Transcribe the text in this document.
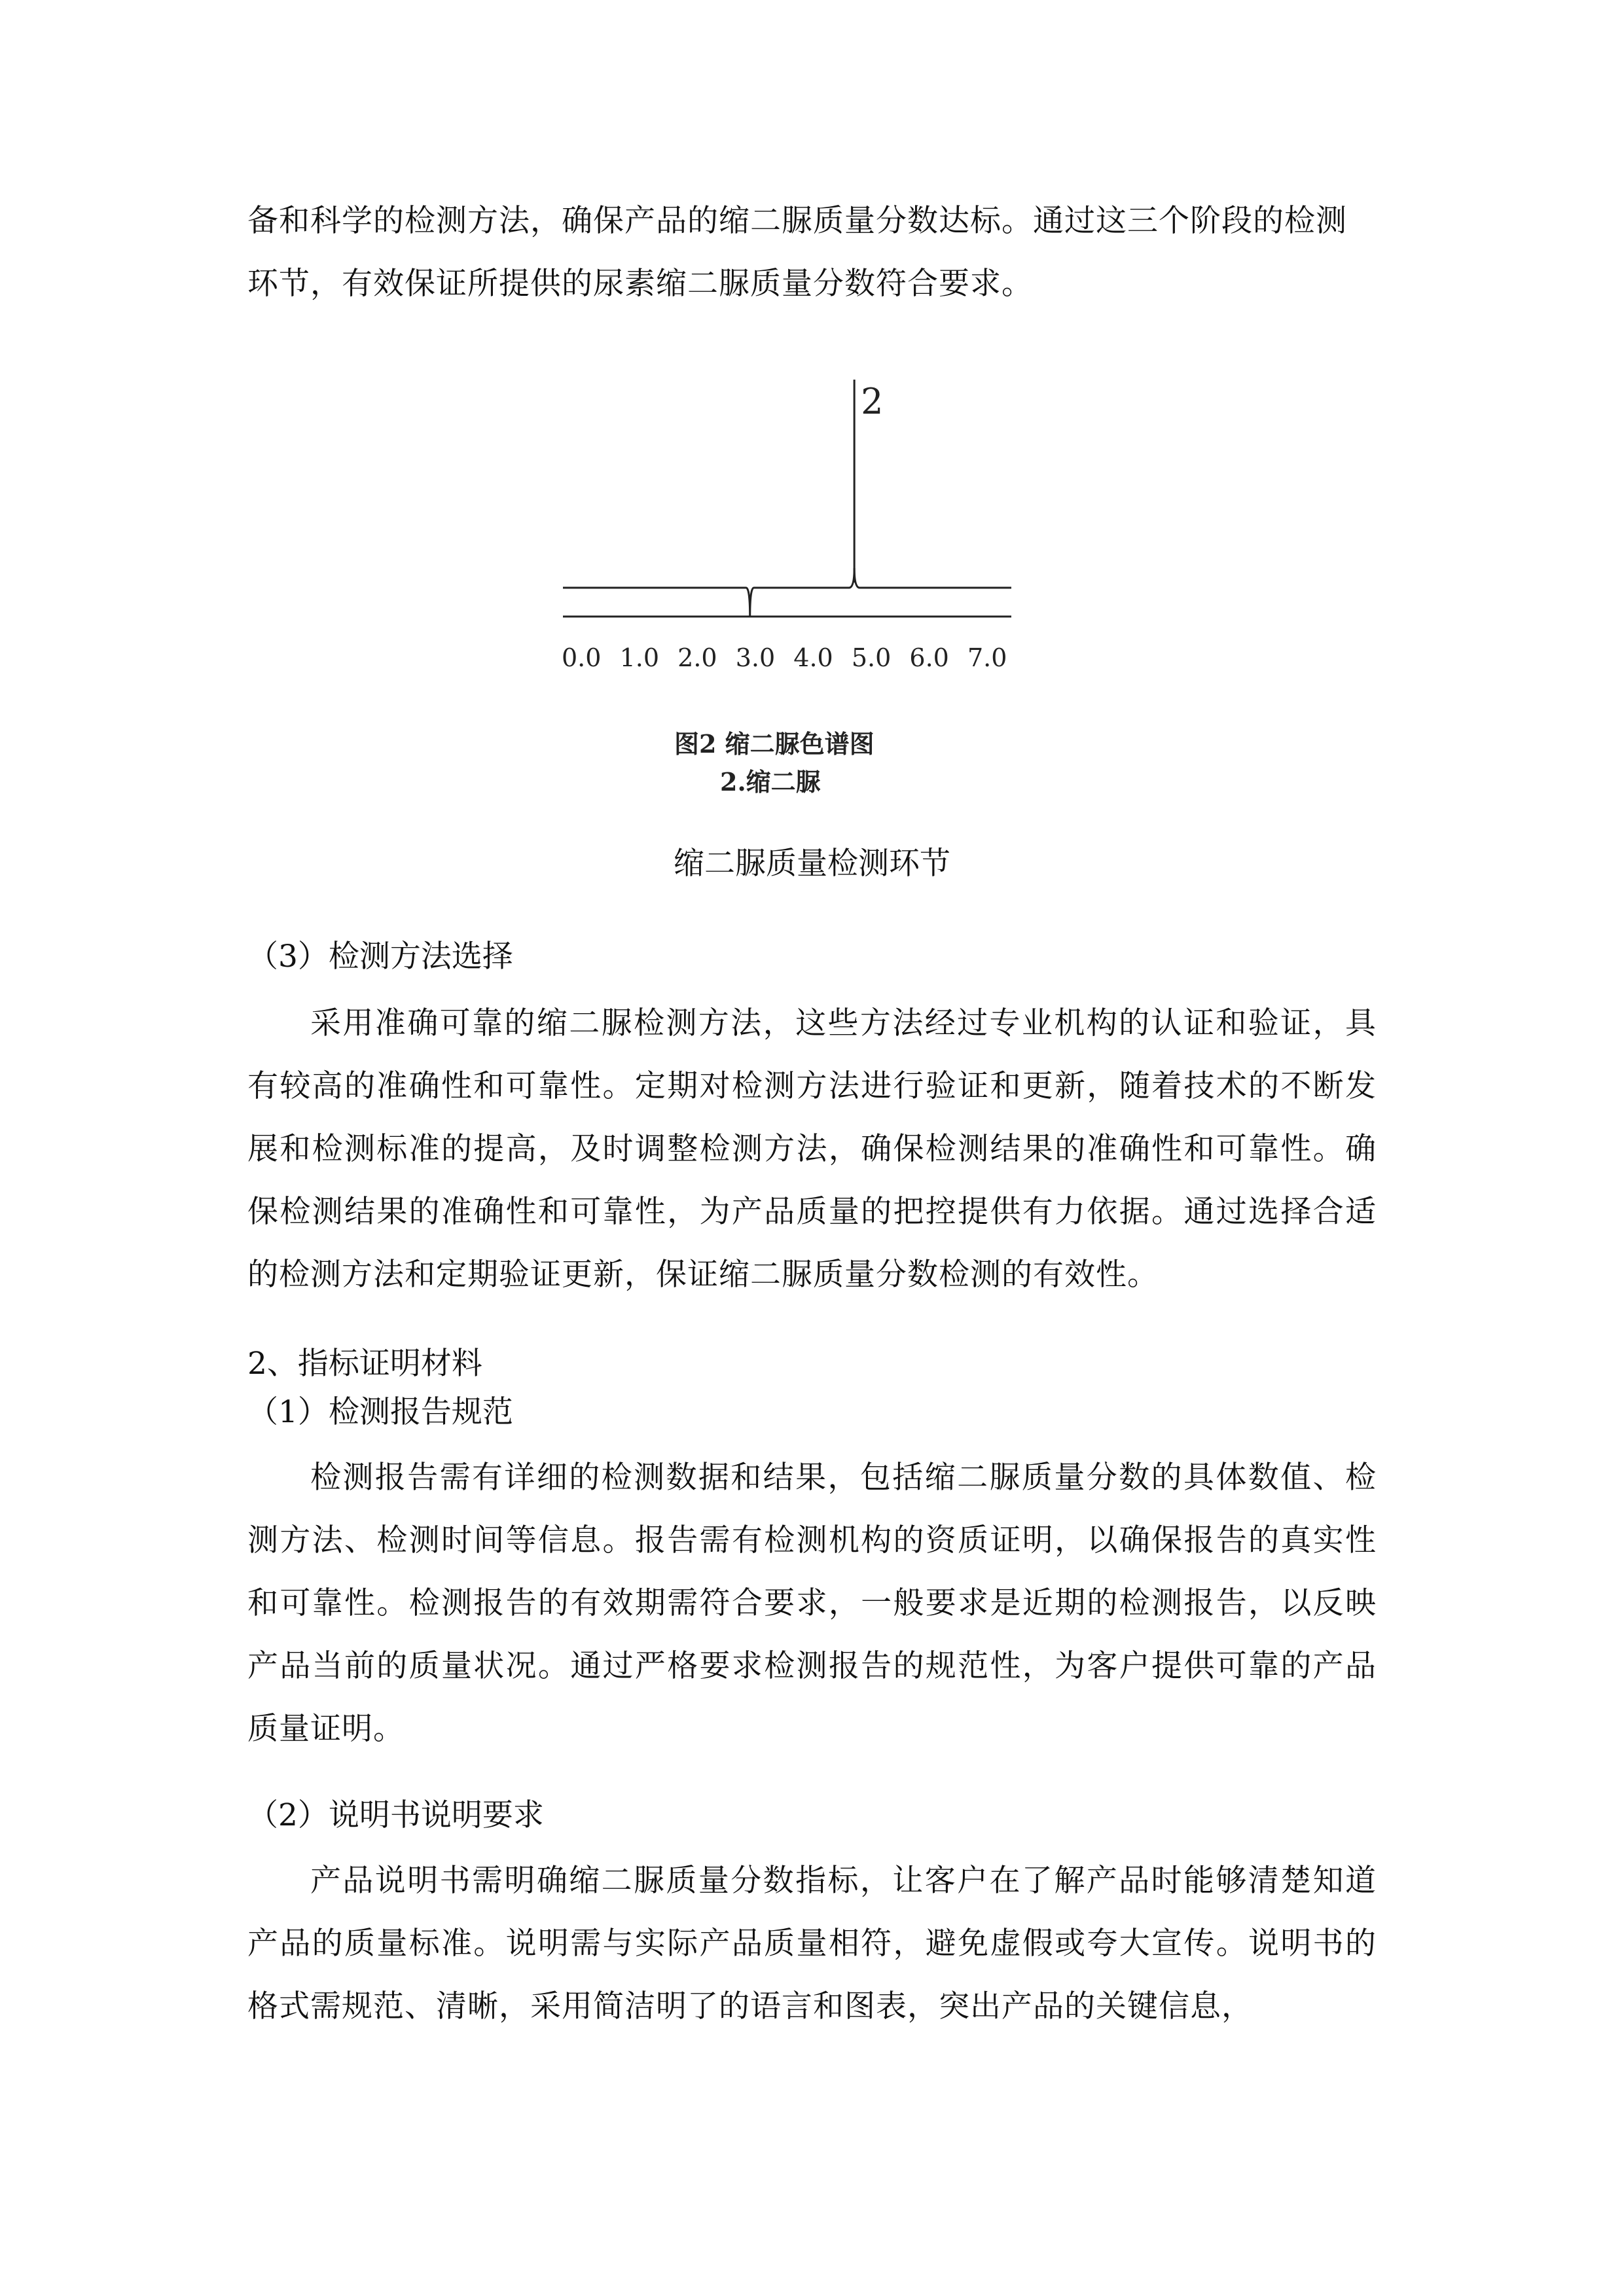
备和科学的检测方法，确保产品的缩二脲质量分数达标。通过这三个阶段的检测环节，有效保证所提供的尿素缩二脲质量分数符合要求。
2
0.0 1.0 2.0 3.0 4.0 5.0 6.0 7.0
图2 缩二脲色谱图
2.缩二脲
缩二脲质量检测环节
（3）检测方法选择
采用准确可靠的缩二脲检测方法，这些方法经过专业机构的认证和验证，具有较高的准确性和可靠性。定期对检测方法进行验证和更新，随着技术的不断发展和检测标准的提高，及时调整检测方法，确保检测结果的准确性和可靠性。确保检测结果的准确性和可靠性，为产品质量的把控提供有力依据。通过选择合适的检测方法和定期验证更新，保证缩二脲质量分数检测的有效性。
2、指标证明材料
（1）检测报告规范
检测报告需有详细的检测数据和结果，包括缩二脲质量分数的具体数值、检测方法、检测时间等信息。报告需有检测机构的资质证明，以确保报告的真实性和可靠性。检测报告的有效期需符合要求，一般要求是近期的检测报告，以反映产品当前的质量状况。通过严格要求检测报告的规范性，为客户提供可靠的产品质量证明。
（2）说明书说明要求
产品说明书需明确缩二脲质量分数指标，让客户在了解产品时能够清楚知道产品的质量标准。说明需与实际产品质量相符，避免虚假或夸大宣传。说明书的格式需规范、清晰，采用简洁明了的语言和图表，突出产品的关键信息，
